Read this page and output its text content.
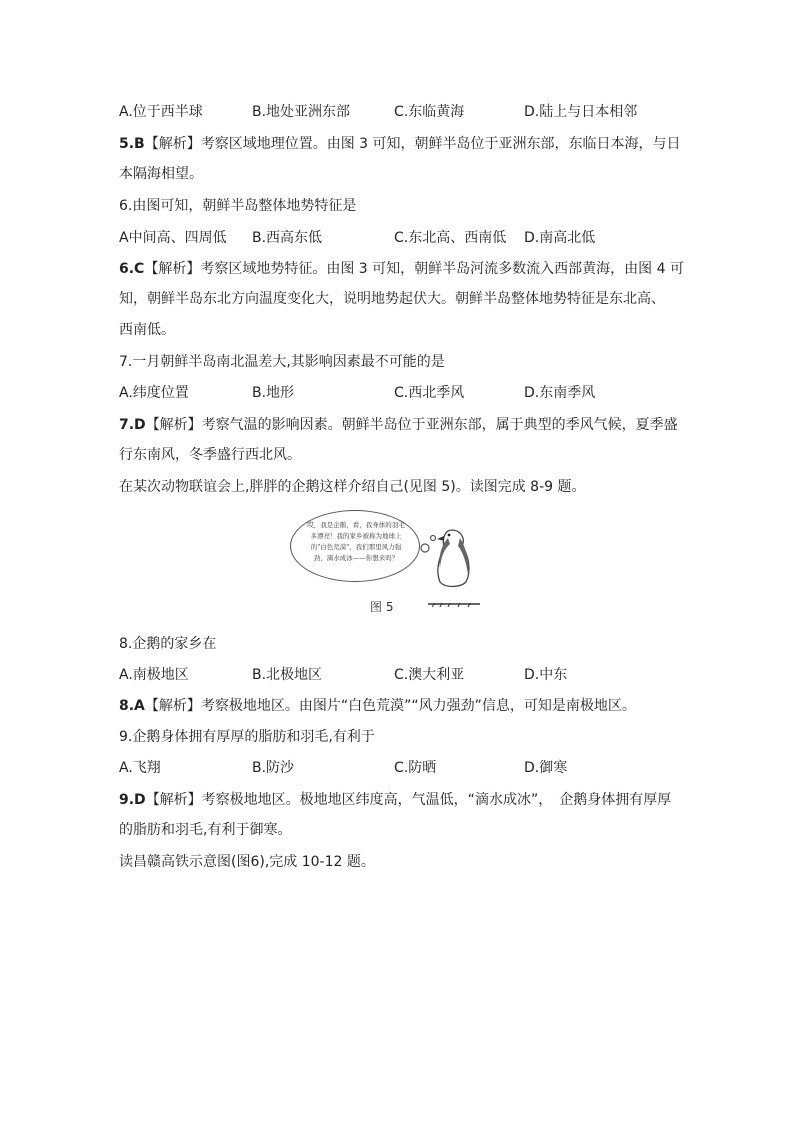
A.位于西半球	B.地处亚洲东部	C.东临黄海	D.陆上与日本相邻
5.B【解析】考察区域地理位置。由图 3 可知，朝鲜半岛位于亚洲东部，东临日本海，与日
本隔海相望。
6.由图可知，朝鲜半岛整体地势特征是
A中间高、四周低 B.西高东低	C.东北高、西南低 D.南高北低
6.C【解析】考察区域地势特征。由图 3 可知，朝鲜半岛河流多数流入西部黄海，由图 4 可
知，朝鲜半岛东北方向温度变化大，说明地势起伏大。朝鲜半岛整体地势特征是东北高、
西南低。
7.一月朝鲜半岛南北温差大,其影响因素最不可能的是
A.纬度位置	B.地形	C.西北季风	D.东南季风
7.D【解析】考察气温的影响因素。朝鲜半岛位于亚洲东部，属于典型的季风气候，夏季盛
行东南风，冬季盛行西北风。
在某次动物联谊会上,胖胖的企鹅这样介绍自己(见图 5)。读图完成 8-9 题。
哎，我是企鹅，看，我身体的羽毛多漂亮！我的家乡被称为地球上的"白色荒漠"，我们那里风力强劲，滴水成冰——你想来吗？
图 5
8.企鹅的家乡在
A.南极地区	B.北极地区	C.澳大利亚	D.中东
8.A【解析】考察极地地区。由图片“白色荒漠”“风力强劲”信息，可知是南极地区。
9.企鹅身体拥有厚厚的脂肪和羽毛,有利于
A.飞翔	B.防沙	C.防晒	D.御寒
9.D【解析】考察极地地区。极地地区纬度高，气温低，“滴水成冰”，　企鹅身体拥有厚厚
的脂肪和羽毛,有利于御寒。
读昌赣高铁示意图(图6),完成 10-12 题。
